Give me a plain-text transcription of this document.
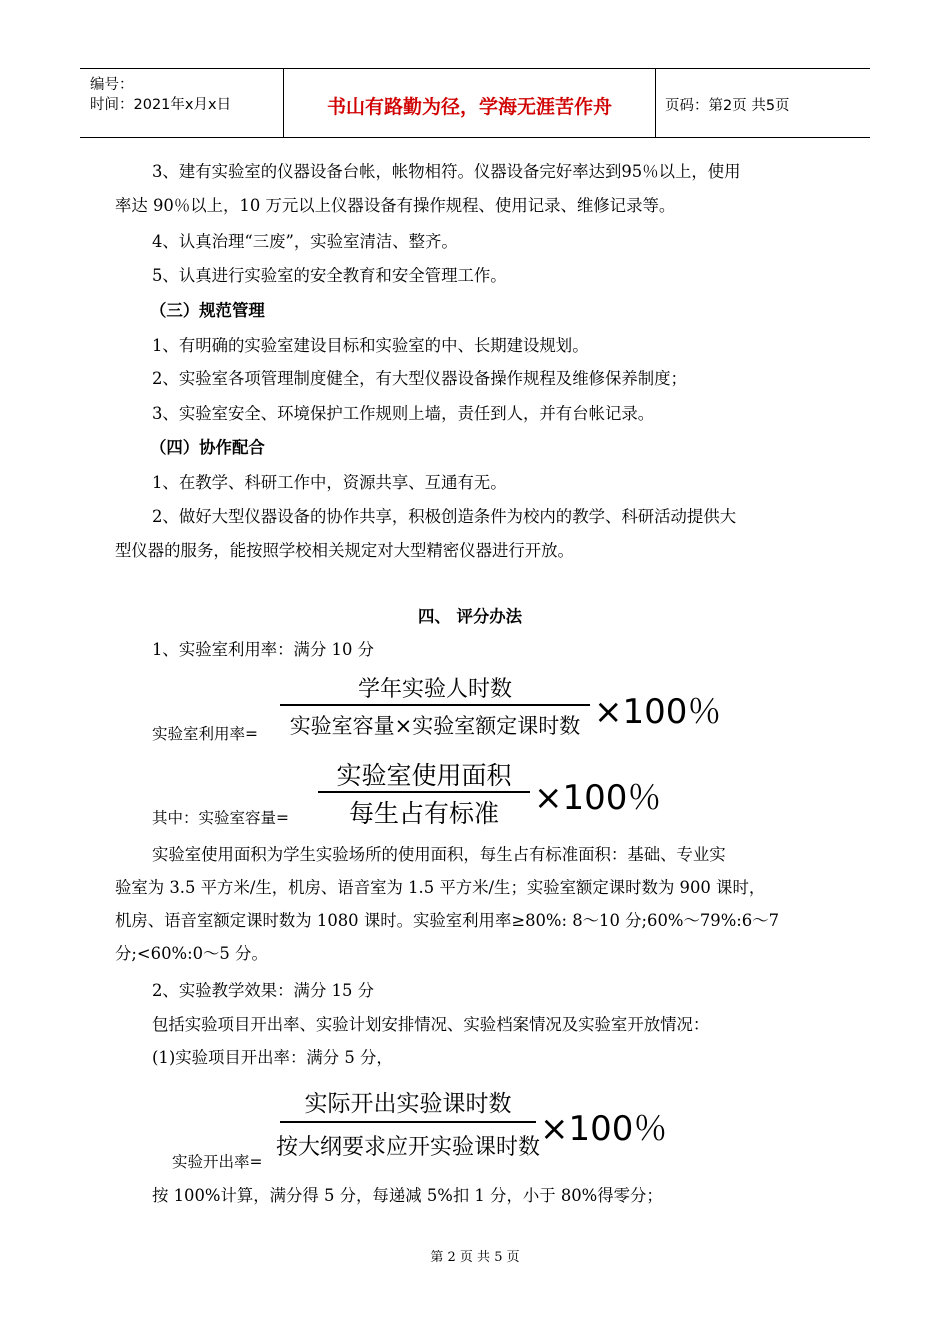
编号：
时间：2021年x月x日	书山有路勤为径，学海无涯苦作舟	页码：第2页 共5页
3、建有实验室的仪器设备台帐，帐物相符。仪器设备完好率达到95％以上，使用
率达 90％以上，10 万元以上仪器设备有操作规程、使用记录、维修记录等。
4、认真治理“三废”，实验室清洁、整齐。
5、认真进行实验室的安全教育和安全管理工作。
（三）规范管理
1、有明确的实验室建设目标和实验室的中、长期建设规划。
2、实验室各项管理制度健全，有大型仪器设备操作规程及维修保养制度；
3、实验室安全、环境保护工作规则上墙，责任到人，并有台帐记录。
（四）协作配合
1、在教学、科研工作中，资源共享、互通有无。
2、做好大型仪器设备的协作共享，积极创造条件为校内的教学、科研活动提供大
型仪器的服务，能按照学校相关规定对大型精密仪器进行开放。
四、 评分办法
1、实验室利用率：满分 10 分
实验室利用率=
学年实验人时数
实验室容量×实验室额定课时数 ×100％
其中：实验室容量=
实验室使用面积
每生占有标准	×100％
实验室使用面积为学生实验场所的使用面积，每生占有标准面积：基础、专业实
验室为 3.5 平方米/生，机房、语音室为 1.5 平方米/生；实验室额定课时数为 900 课时，
机房、语音室额定课时数为 1080 课时。实验室利用率≥80%: 8～10 分;60%～79%:6～7
分;<60%:0～5 分。
2、实验教学效果：满分 15 分
包括实验项目开出率、实验计划安排情况、实验档案情况及实验室开放情况：
(1)实验项目开出率：满分 5 分，
实验开出率=
实际开出实验课时数
按大纲要求应开实验课时数 ×100％
按 100%计算，满分得 5 分，每递减 5%扣 1 分，小于 80%得零分；
第 2 页 共 5 页
